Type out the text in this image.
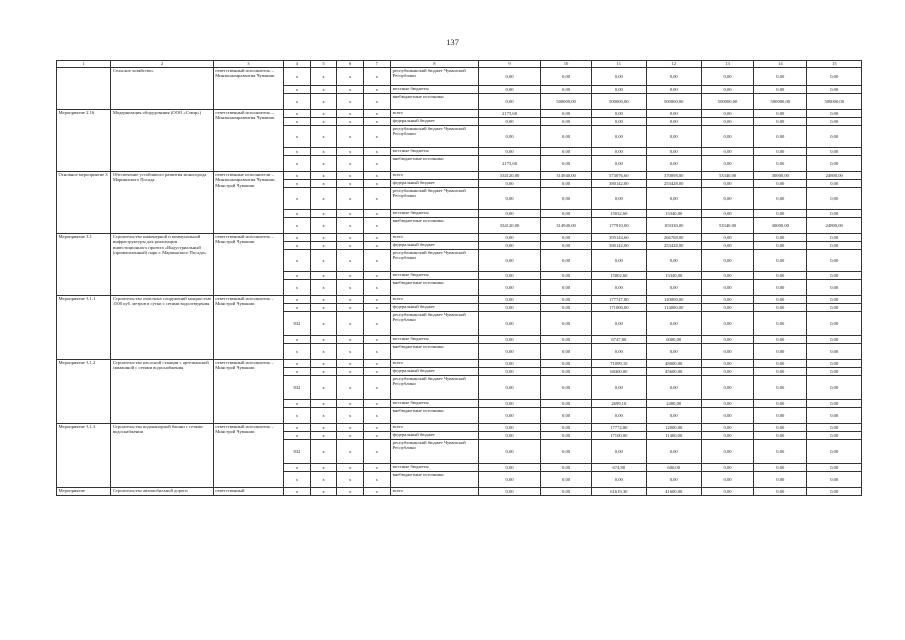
137
1	2	3	4	5	6	7	8	9	10	11	12	13	14	15
	Сельское хозяйство»	ответственный исполнитель – Минэкономразвития Чувашии	x	x	x	x	республиканский бюджет Чувашской Республики	0,00	0,00	0,00	0,00	0,00	0,00	0,00
			x	x	x	x	местные бюджеты	0,00	0,00	0,00	0,00	0,00	0,00	0,00
			x	x	x	x	внебюджетные источники	0,00	500000,00	500000,00	500000,00	500000,00	500000,00	500000,00
Мероприятие 2.16	Модернизация оборудования (ООО «Сэвэр»)	ответственный исполнитель – Минэкономразвития Чувашии	x	x	x	x	всего	2175,60	0,00	0,00	0,00	0,00	0,00	0,00
			x	x	x	x	федеральный бюджет	0,00	0,00	0,00	0,00	0,00	0,00	0,00
			x	x	x	x	республиканский бюджет Чувашской Республики	0,00	0,00	0,00	0,00	0,00	0,00	0,00
			x	x	x	x	местные бюджеты	0,00	0,00	0,00	0,00	0,00	0,00	0,00
			x	x	x	x	внебюджетные источники	2175,60	0,00	0,00	0,00	0,00	0,00	0,00
Основное мероприятие 3	Обеспечение устойчивого развития моногорода Мариинского Посада	ответственные исполнители – Минэкономразвития Чувашии, Минстрой Чувашии	x	x	x	x	всего	334120,00	314940,00	573076,60	370098,00	53340,00	30000,00	24800,00
			x	x	x	x	федеральный бюджет	0,00	0,00	380142,00	253428,00	0,00	0,00	0,00
			x	x	x	x	республиканский бюджет Чувашской Республики	0,00	0,00	0,00	0,00	0,00	0,00	0,00
			x	x	x	x	местные бюджеты	0,00	0,00	15032,60	13340,00	0,00	0,00	0,00
			x	x	x	x	внебюджетные источники	334120,00	314940,00	177910,00	103330,00	53340,00	30000,00	24800,00
Мероприятие 3.1	Строительство инженерной и коммунальной инфраструктуры для реализации инвестиционного проекта «Индустриальный (промышленный) парк г. Мариинского Посада»	ответственный исполнитель – Минстрой Чувашии	x	x	x	x	всего	0,00	0,00	395144,60	266768,00	0,00	0,00	0,00
			x	x	x	x	федеральный бюджет	0,00	0,00	380142,00	253428,00	0,00	0,00	0,00
			x	x	x	x	республиканский бюджет Чувашской Республики	0,00	0,00	0,00	0,00	0,00	0,00	0,00
			x	x	x	x	местные бюджеты	0,00	0,00	15002,60	13340,00	0,00	0,00	0,00
			x	x	x	x	внебюджетные источники	0,00	0,00	0,00	0,00	0,00	0,00	0,00
Мероприятие 3.1.1	Строительство очистных сооружений мощностью 1500 куб. метров в сутки с сетями водоотведения	ответственный исполнитель – Минстрой Чувашии	x	x	x	x	всего	0,00	0,00	177747,80	120000,00	0,00	0,00	0,00
			x	x	x	x	федеральный бюджет	0,00	0,00	171000,00	114000,00	0,00	0,00	0,00
			832	x	x	x	республиканский бюджет Чувашской Республики	0,00	0,00	0,00	0,00	0,00	0,00	0,00
			x	x	x	x	местные бюджеты	0,00	0,00	6747,80	6000,00	0,00	0,00	0,00
			x	x	x	x	внебюджетные источники	0,00	0,00	0,00	0,00	0,00	0,00	0,00
Мероприятие 3.1.2	Строительство насосной станции с артезианской скважиной с сетями водоснабжения	ответственный исполнитель – Минстрой Чувашии	x	x	x	x	всего	0,00	0,00	71099,10	48000,00	0,00	0,00	0,00
			x	x	x	x	федеральный бюджет	0,00	0,00	68400,00	45600,00	0,00	0,00	0,00
			832	x	x	x	республиканский бюджет Чувашской Республики	0,00	0,00	0,00	0,00	0,00	0,00	0,00
			x	x	x	x	местные бюджеты	0,00	0,00	2699,10	2400,00	0,00	0,00	0,00
			x	x	x	x	внебюджетные источники	0,00	0,00	0,00	0,00	0,00	0,00	0,00
Мероприятие 3.1.3	Строительство водонапорной башни с сетями водоснабжения	ответственный исполнитель – Минстрой Чувашии	x	x	x	x	всего	0,00	0,00	17774,80	12000,00	0,00	0,00	0,00
			x	x	x	x	федеральный бюджет	0,00	0,00	17100,00	11400,00	0,00	0,00	0,00
			832	x	x	x	республиканский бюджет Чувашской Республики	0,00	0,00	0,00	0,00	0,00	0,00	0,00
			x	x	x	x	местные бюджеты	0,00	0,00	674,80	600,00	0,00	0,00	0,00
			x	x	x	x	внебюджетные источники	0,00	0,00	0,00	0,00	0,00	0,00	0,00
Мероприятие	Строительство автомобильной дороги	ответственный	x	x	x	x	всего	0,00	0,00	61619,30	41600,00	0,00	0,00	0,00
